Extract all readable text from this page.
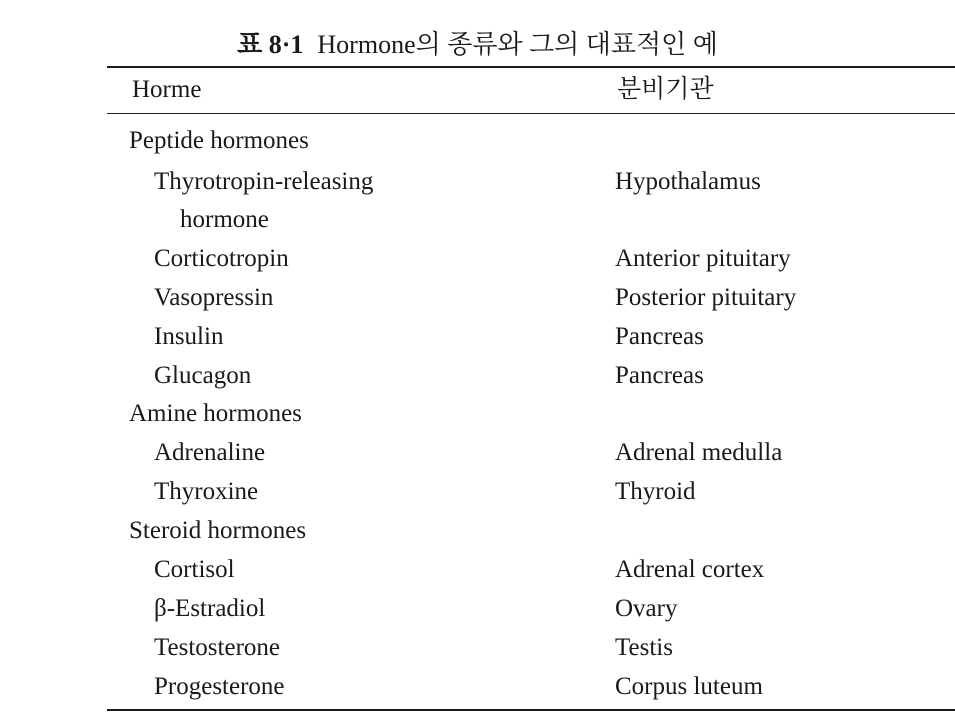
표 8·1 Hormone의 종류와 그의 대표적인 예
Horme	분비기관
Peptide hormones
Thyrotropin-releasing	Hypothalamus
hormone
Corticotropin	Anterior pituitary
Vasopressin	Posterior pituitary
Insulin	Pancreas
Glucagon	Pancreas
Amine hormones
Adrenaline	Adrenal medulla
Thyroxine	Thyroid
Steroid hormones
Cortisol	Adrenal cortex
β-Estradiol	Ovary
Testosterone	Testis
Progesterone	Corpus luteum
